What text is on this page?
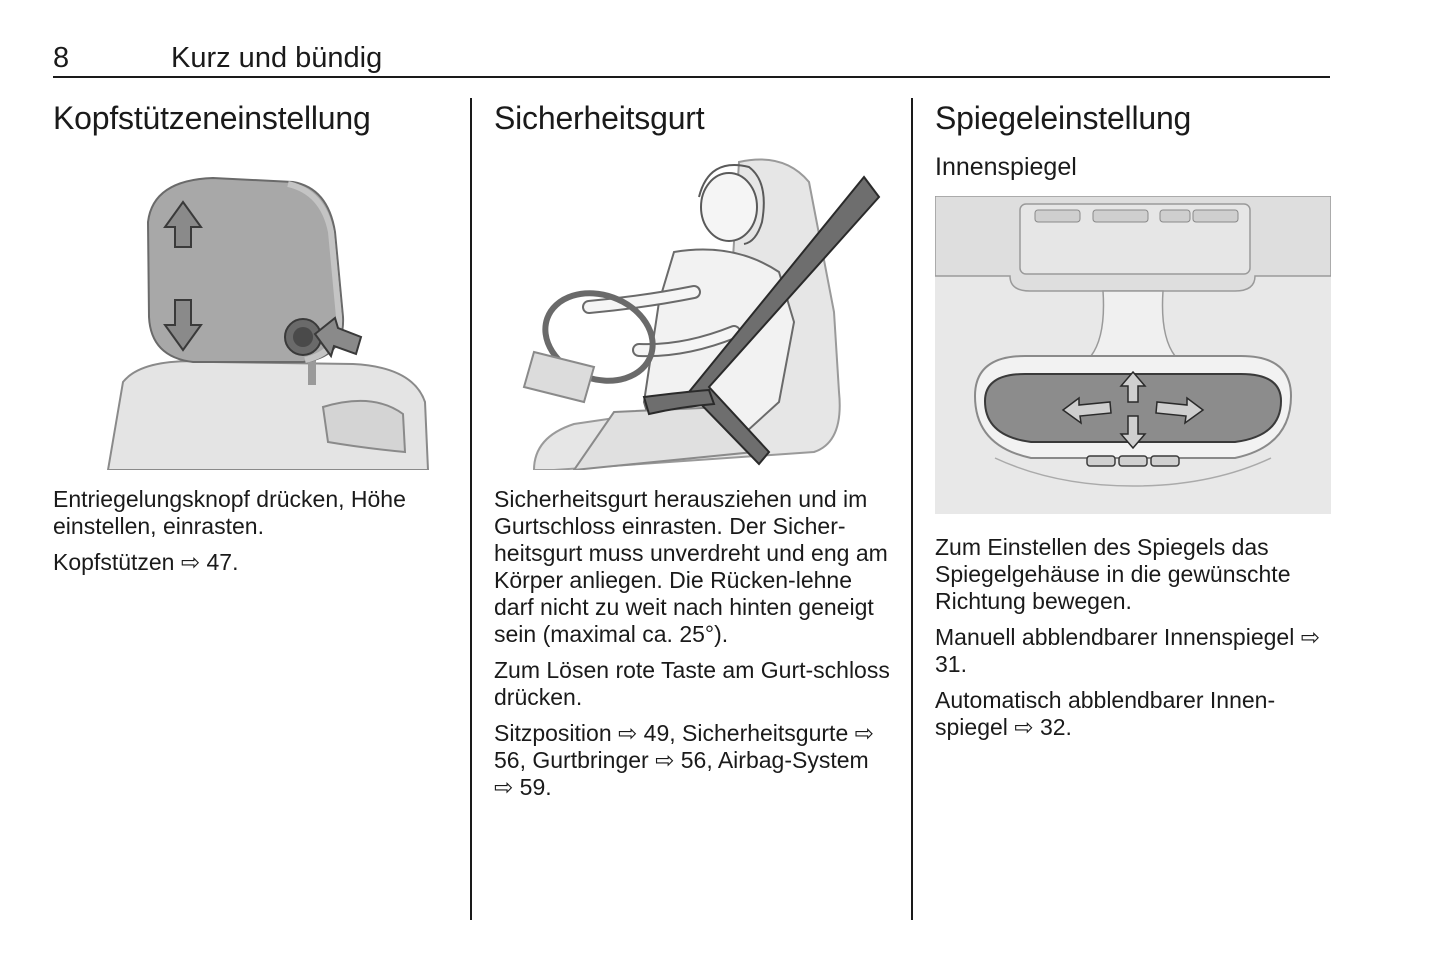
8	Kurz und bündig
Kopfstützeneinstellung

Entriegelungsknopf drücken, Höhe einstellen, einrasten.

Kopfstützen ⇨ 47.

Sicherheitsgurt

Sicherheitsgurt herausziehen und im Gurtschloss einrasten. Der Sicher-heitsgurt muss unverdreht und eng am Körper anliegen. Die Rücken-lehne darf nicht zu weit nach hinten geneigt sein (maximal ca. 25°).

Zum Lösen rote Taste am Gurt-schloss drücken.

Sitzposition ⇨ 49, Sicherheitsgurte ⇨ 56, Gurtbringer ⇨ 56, Airbag-System ⇨ 59.

Spiegeleinstellung
Innenspiegel

Zum Einstellen des Spiegels das Spiegelgehäuse in die gewünschte Richtung bewegen.

Manuell abblendbarer Innenspiegel ⇨ 31.

Automatisch abblendbarer Innen-spiegel ⇨ 32.
